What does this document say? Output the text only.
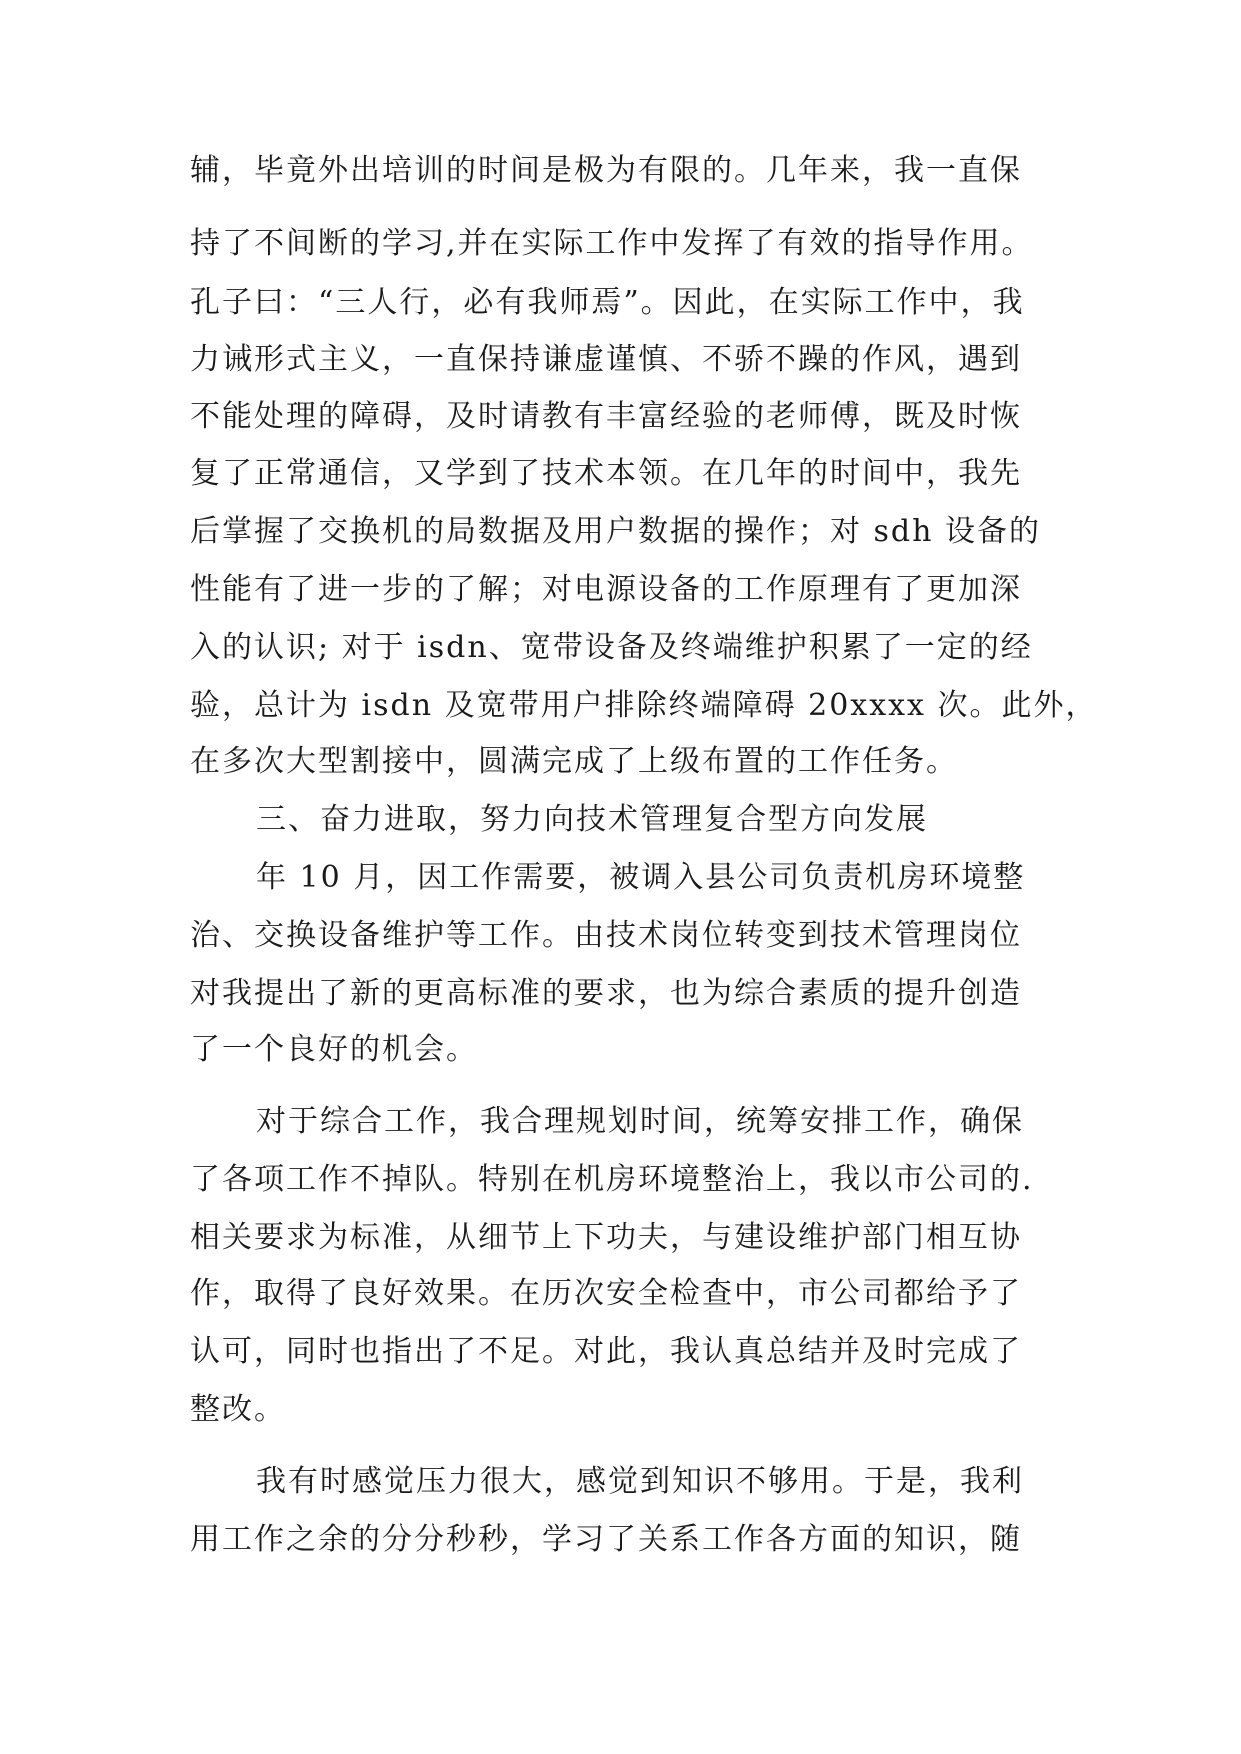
辅，毕竟外出培训的时间是极为有限的。几年来，我一直保
持了不间断的学习,并在实际工作中发挥了有效的指导作用。
孔子曰：“三人行，必有我师焉”。因此，在实际工作中，我
力诫形式主义，一直保持谦虚谨慎、不骄不躁的作风，遇到
不能处理的障碍，及时请教有丰富经验的老师傅，既及时恢
复了正常通信，又学到了技术本领。在几年的时间中，我先
后掌握了交换机的局数据及用户数据的操作；对 sdh 设备的
性能有了进一步的了解；对电源设备的工作原理有了更加深
入的认识; 对于 isdn、宽带设备及终端维护积累了一定的经
验，总计为 isdn 及宽带用户排除终端障碍 20xxxx 次。此外，
在多次大型割接中，圆满完成了上级布置的工作任务。
三、奋力进取，努力向技术管理复合型方向发展
年 10 月，因工作需要，被调入县公司负责机房环境整
治、交换设备维护等工作。由技术岗位转变到技术管理岗位
对我提出了新的更高标准的要求，也为综合素质的提升创造
了一个良好的机会。
对于综合工作，我合理规划时间，统筹安排工作，确保
了各项工作不掉队。特别在机房环境整治上，我以市公司的.
相关要求为标准，从细节上下功夫，与建设维护部门相互协
作，取得了良好效果。在历次安全检查中，市公司都给予了
认可，同时也指出了不足。对此，我认真总结并及时完成了
整改。
我有时感觉压力很大，感觉到知识不够用。于是，我利
用工作之余的分分秒秒，学习了关系工作各方面的知识，随
